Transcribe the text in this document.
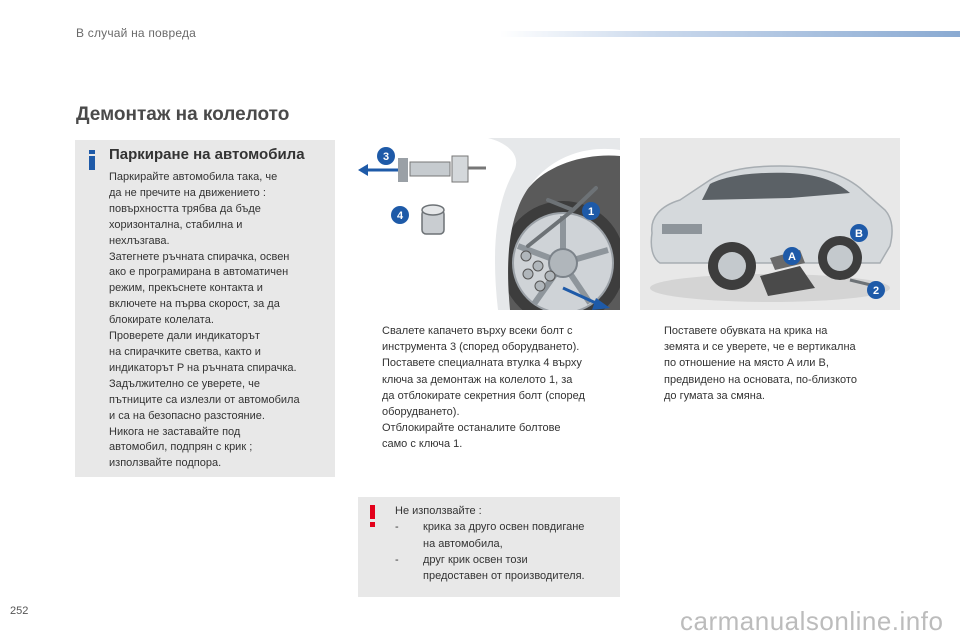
В случай на повреда
Демонтаж на колелото
Паркиране на автомобила
Паркирайте автомобила така, че
да не пречите на движението :
повърхността трябва да бъде
хоризонтална, стабилна и
нехлъзгава.
Затегнете ръчната спирачка, освен
ако е програмирана в автоматичен
режим, прекъснете контакта и
включете на първа скорост, за да
блокирате колелата.
Проверете дали индикаторът
на спирачките светва, както и
индикаторът P на ръчната спирачка.
Задължително се уверете, че
пътниците са излезли от автомобила
и са на безопасно разстояние.
Никога не заставайте под
автомобил, подпрян с крик ;
използвайте подпора.
3
4	1
A
B
2
Свалете капачето върху всеки болт с
инструмента 3 (според оборудването).
Поставете специалната втулка 4 върху
ключа за демонтаж на колелото 1, за
да отблокирате секретния болт (според
оборудването).
Отблокирайте останалите болтове
само с ключа 1.
Поставете обувката на крика на
земята и се уверете, че е вертикална
по отношение на място A или B,
предвидено на основата, по-близкото
до гумата за смяна.
Не използвайте :
-	крика за друго освен повдигане
на автомобила,
-	друг крик освен този
предоставен от производителя.
252	carmanualsonline.info
